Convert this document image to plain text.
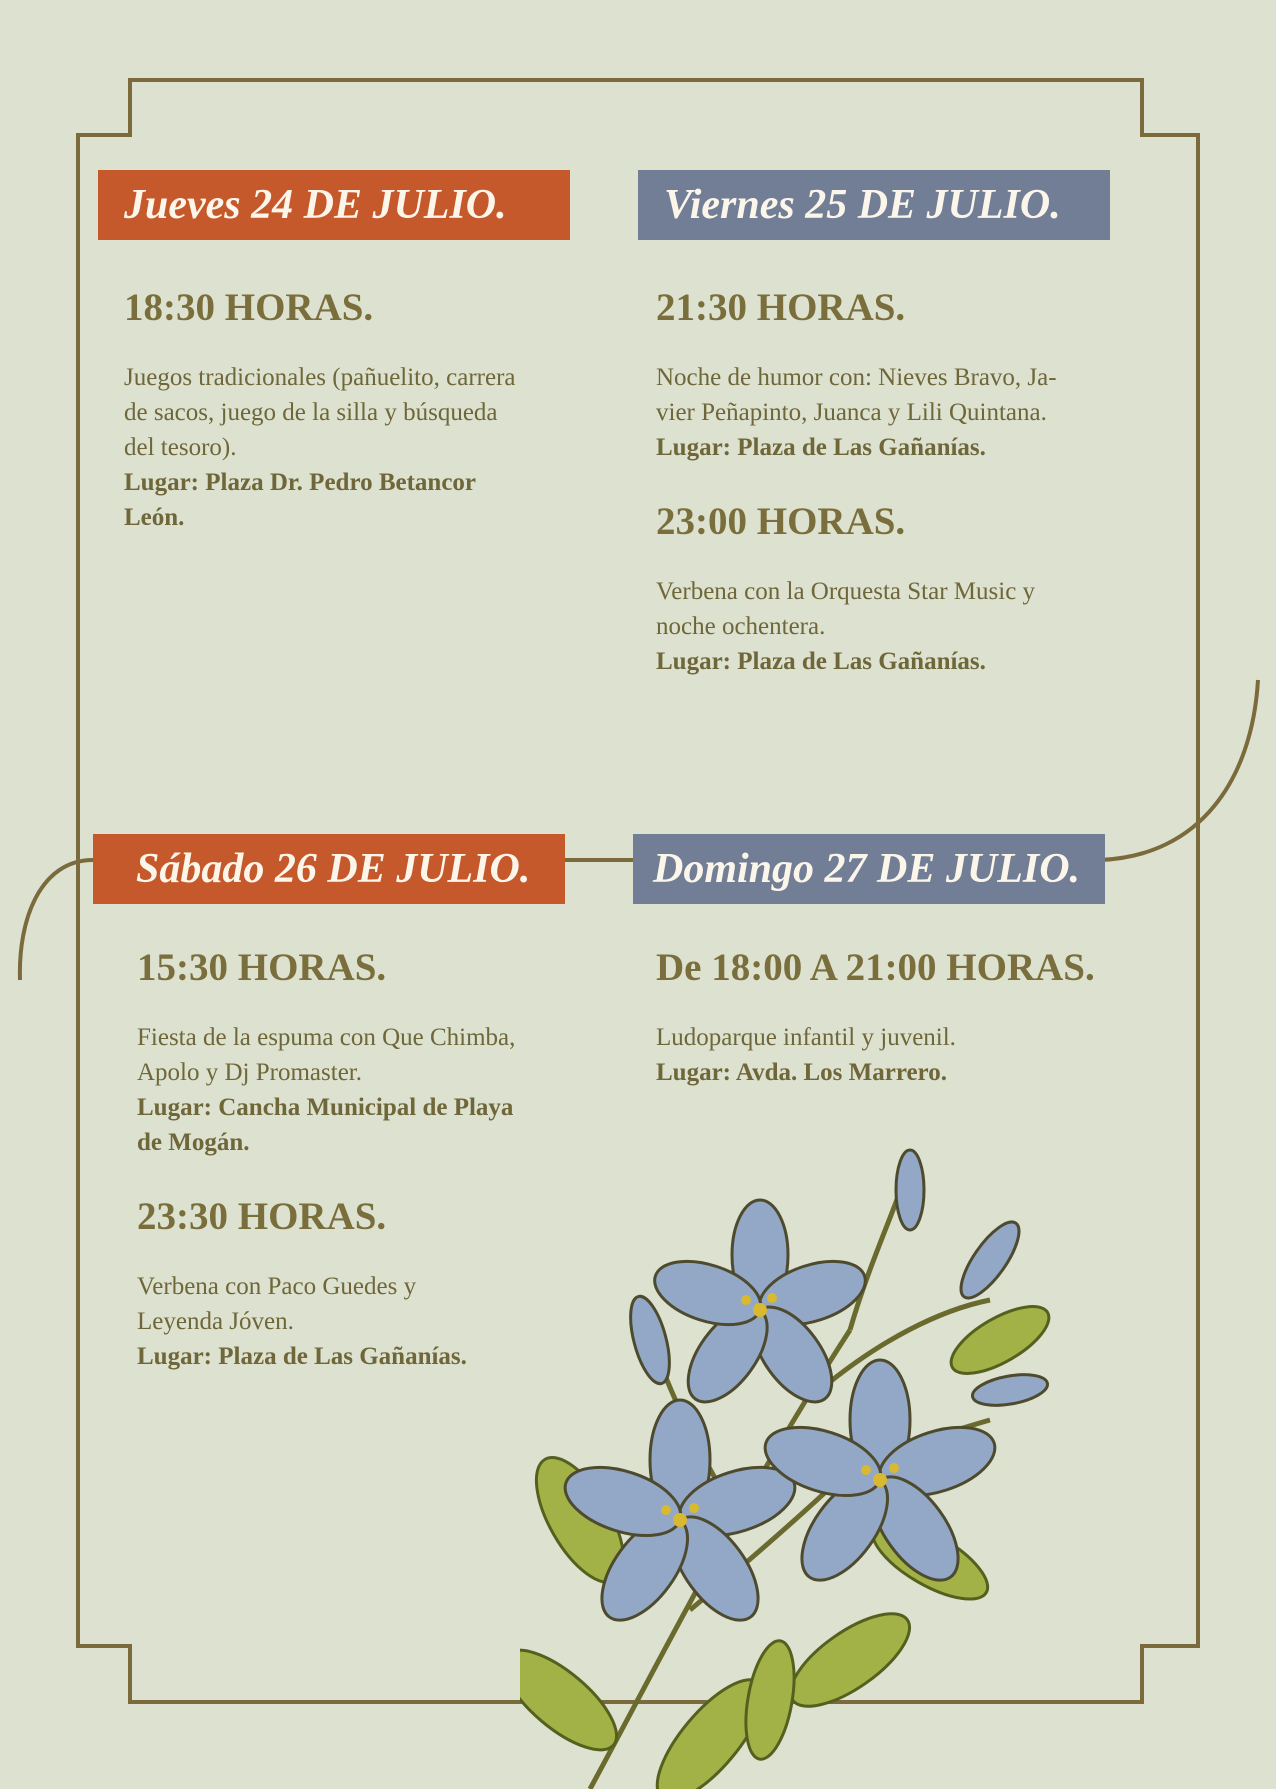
Jueves 24 DE JULIO.	Viernes 25 DE JULIO.
Sábado 26 DE JULIO.	Domingo 27 DE JULIO.
18:30 HORAS.

Juegos tradicionales (pañuelito, carrera
de sacos, juego de la silla y búsqueda
del tesoro).

Lugar: Plaza Dr. Pedro Betancor
León.

21:30 HORAS.

Noche de humor con: Nieves Bravo, Ja-
vier Peñapinto, Juanca y Lili Quintana.

Lugar: Plaza de Las Gañanías.

23:00 HORAS.

Verbena con la Orquesta Star Music y
noche ochentera.

Lugar: Plaza de Las Gañanías.

15:30 HORAS.

Fiesta de la espuma con Que Chimba,
Apolo y Dj Promaster.

Lugar: Cancha Municipal de Playa
de Mogán.

23:30 HORAS.

Verbena con Paco Guedes y
Leyenda Jóven.

Lugar: Plaza de Las Gañanías.

De 18:00 A 21:00 HORAS.

Ludoparque infantil y juvenil.

Lugar: Avda. Los Marrero.
